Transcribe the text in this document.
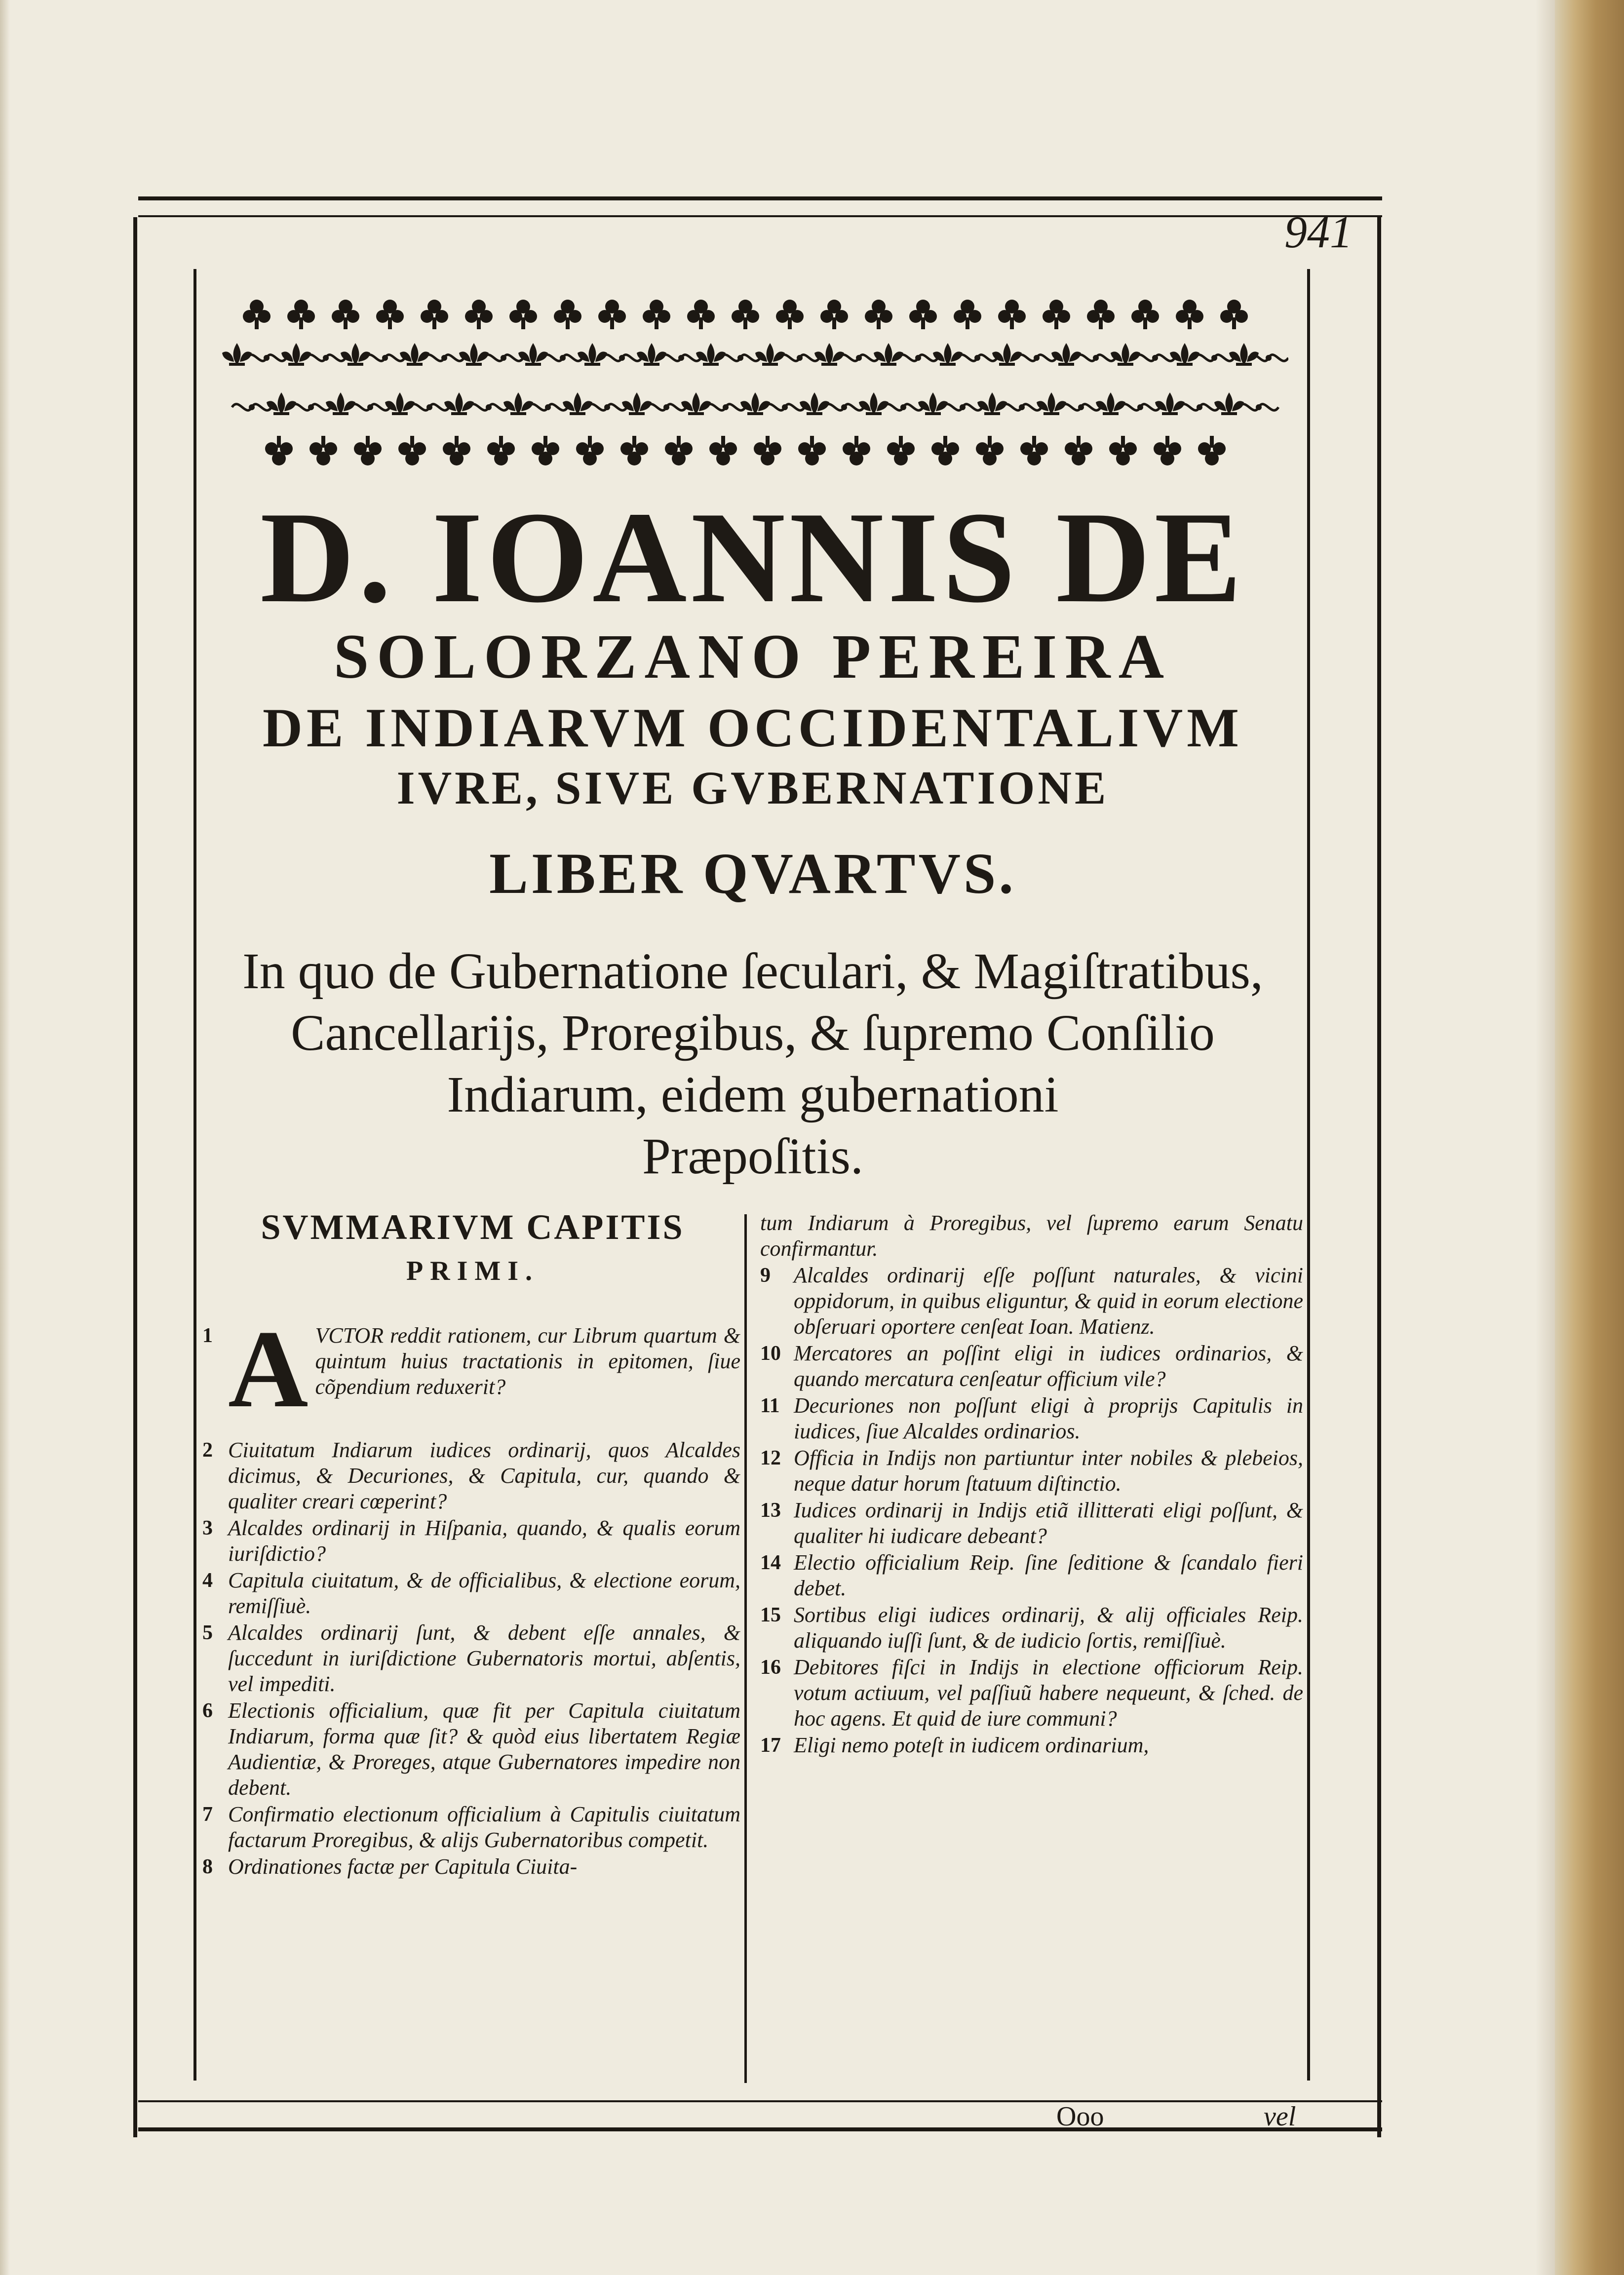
941
D. IOANNIS DE
SOLORZANO PEREIRA
DE INDIARVM OCCIDENTALIVM
IVRE, SIVE GVBERNATIONE
LIBER QVARTVS.

In quo de Gubernatione ſeculari, & Magiſtratibus,

Cancellarijs, Proregibus, & ſupremo Conſilio

Indiarum, eidem gubernationi

Præpoſitis.

SVMMARIVM CAPITIS
PRIMI.

1 A VCTOR reddit rationem, cur Librum quartum & quintum huius tractationis in epitomen, ſiue cõpendium reduxerit?

2 Ciuitatum Indiarum iudices ordinarij, quos Alcaldes dicimus, & Decuriones, & Capitula, cur, quando & qualiter creari cœperint?

3 Alcaldes ordinarij in Hiſpania, quando, & qualis eorum iuriſdictio?

4 Capitula ciuitatum, & de officialibus, & electione eorum, remiſſiuè.

5 Alcaldes ordinarij ſunt, & debent eſſe annales, & ſuccedunt in iuriſdictione Gubernatoris mortui, abſentis, vel impediti.

6 Electionis officialium, quæ fit per Capitula ciuitatum Indiarum, forma quæ ſit? & quòd eius libertatem Regiæ Audientiæ, & Proreges, atque Gubernatores impedire non debent.

7 Confirmatio electionum officialium à Capitulis ciuitatum factarum Proregibus, & alijs Gubernatoribus competit.

8 Ordinationes factæ per Capitula Ciuita-

tum Indiarum à Proregibus, vel ſupremo earum Senatu confirmantur.

9	Alcaldes ordinarij eſſe poſſunt naturales, & vicini oppidorum, in quibus eliguntur, & quid in eorum electione obſeruari oportere cenſeat Ioan. Matienz.

10 Mercatores an poſſint eligi in iudices ordinarios, & quando mercatura cenſeatur officium vile?

11 Decuriones non poſſunt eligi à proprijs Capitulis in iudices, ſiue Alcaldes ordinarios.

12 Officia in Indijs non partiuntur inter nobiles & plebeios, neque datur horum ſtatuum diſtinctio.

13 Iudices ordinarij in Indijs etiã illitterati eligi poſſunt, & qualiter hi iudicare debeant?

14 Electio officialium Reip. ſine ſeditione & ſcandalo fieri debet.

15 Sortibus eligi iudices ordinarij, & alij officiales Reip. aliquando iuſſi ſunt, & de iudicio ſortis, remiſſiuè.

16 Debitores fiſci in Indijs in electione officiorum Reip. votum actiuum, vel paſſiuũ habere nequeunt, & ſched. de hoc agens. Et quid de iure communi?

17 Eligi nemo poteſt in iudicem ordinarium,

Ooo	vel
